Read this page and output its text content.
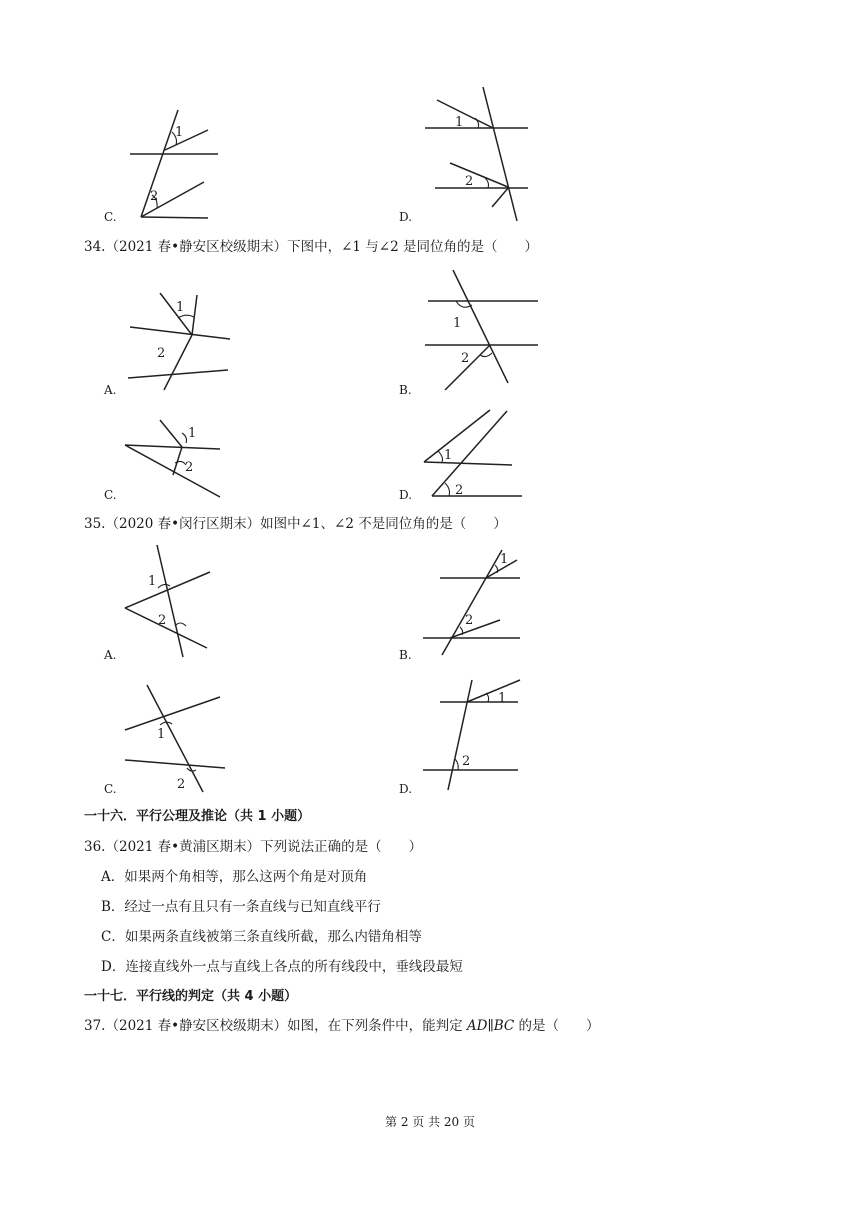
1
2
C.
1
2
D.
34.（2021 春•静安区校级期末）下图中，∠1 与∠2 是同位角的是（　　）
1
2
A.
1
2
B.
1
2
C.
1
2
D.
35.（2020 春•闵行区期末）如图中∠1、∠2 不是同位角的是（　　）
1
2
A.
1
2
B.
1
2
C.
1
2
D.
一十六．平行公理及推论（共 1 小题）
36.（2021 春•黄浦区期末）下列说法正确的是（　　）
A．如果两个角相等，那么这两个角是对顶角
B．经过一点有且只有一条直线与已知直线平行
C．如果两条直线被第三条直线所截，那么内错角相等
D．连接直线外一点与直线上各点的所有线段中，垂线段最短
一十七．平行线的判定（共 4 小题）
37.（2021 春•静安区校级期末）如图，在下列条件中，能判定 AD∥BC 的是（　　）
第 2 页 共 20 页
